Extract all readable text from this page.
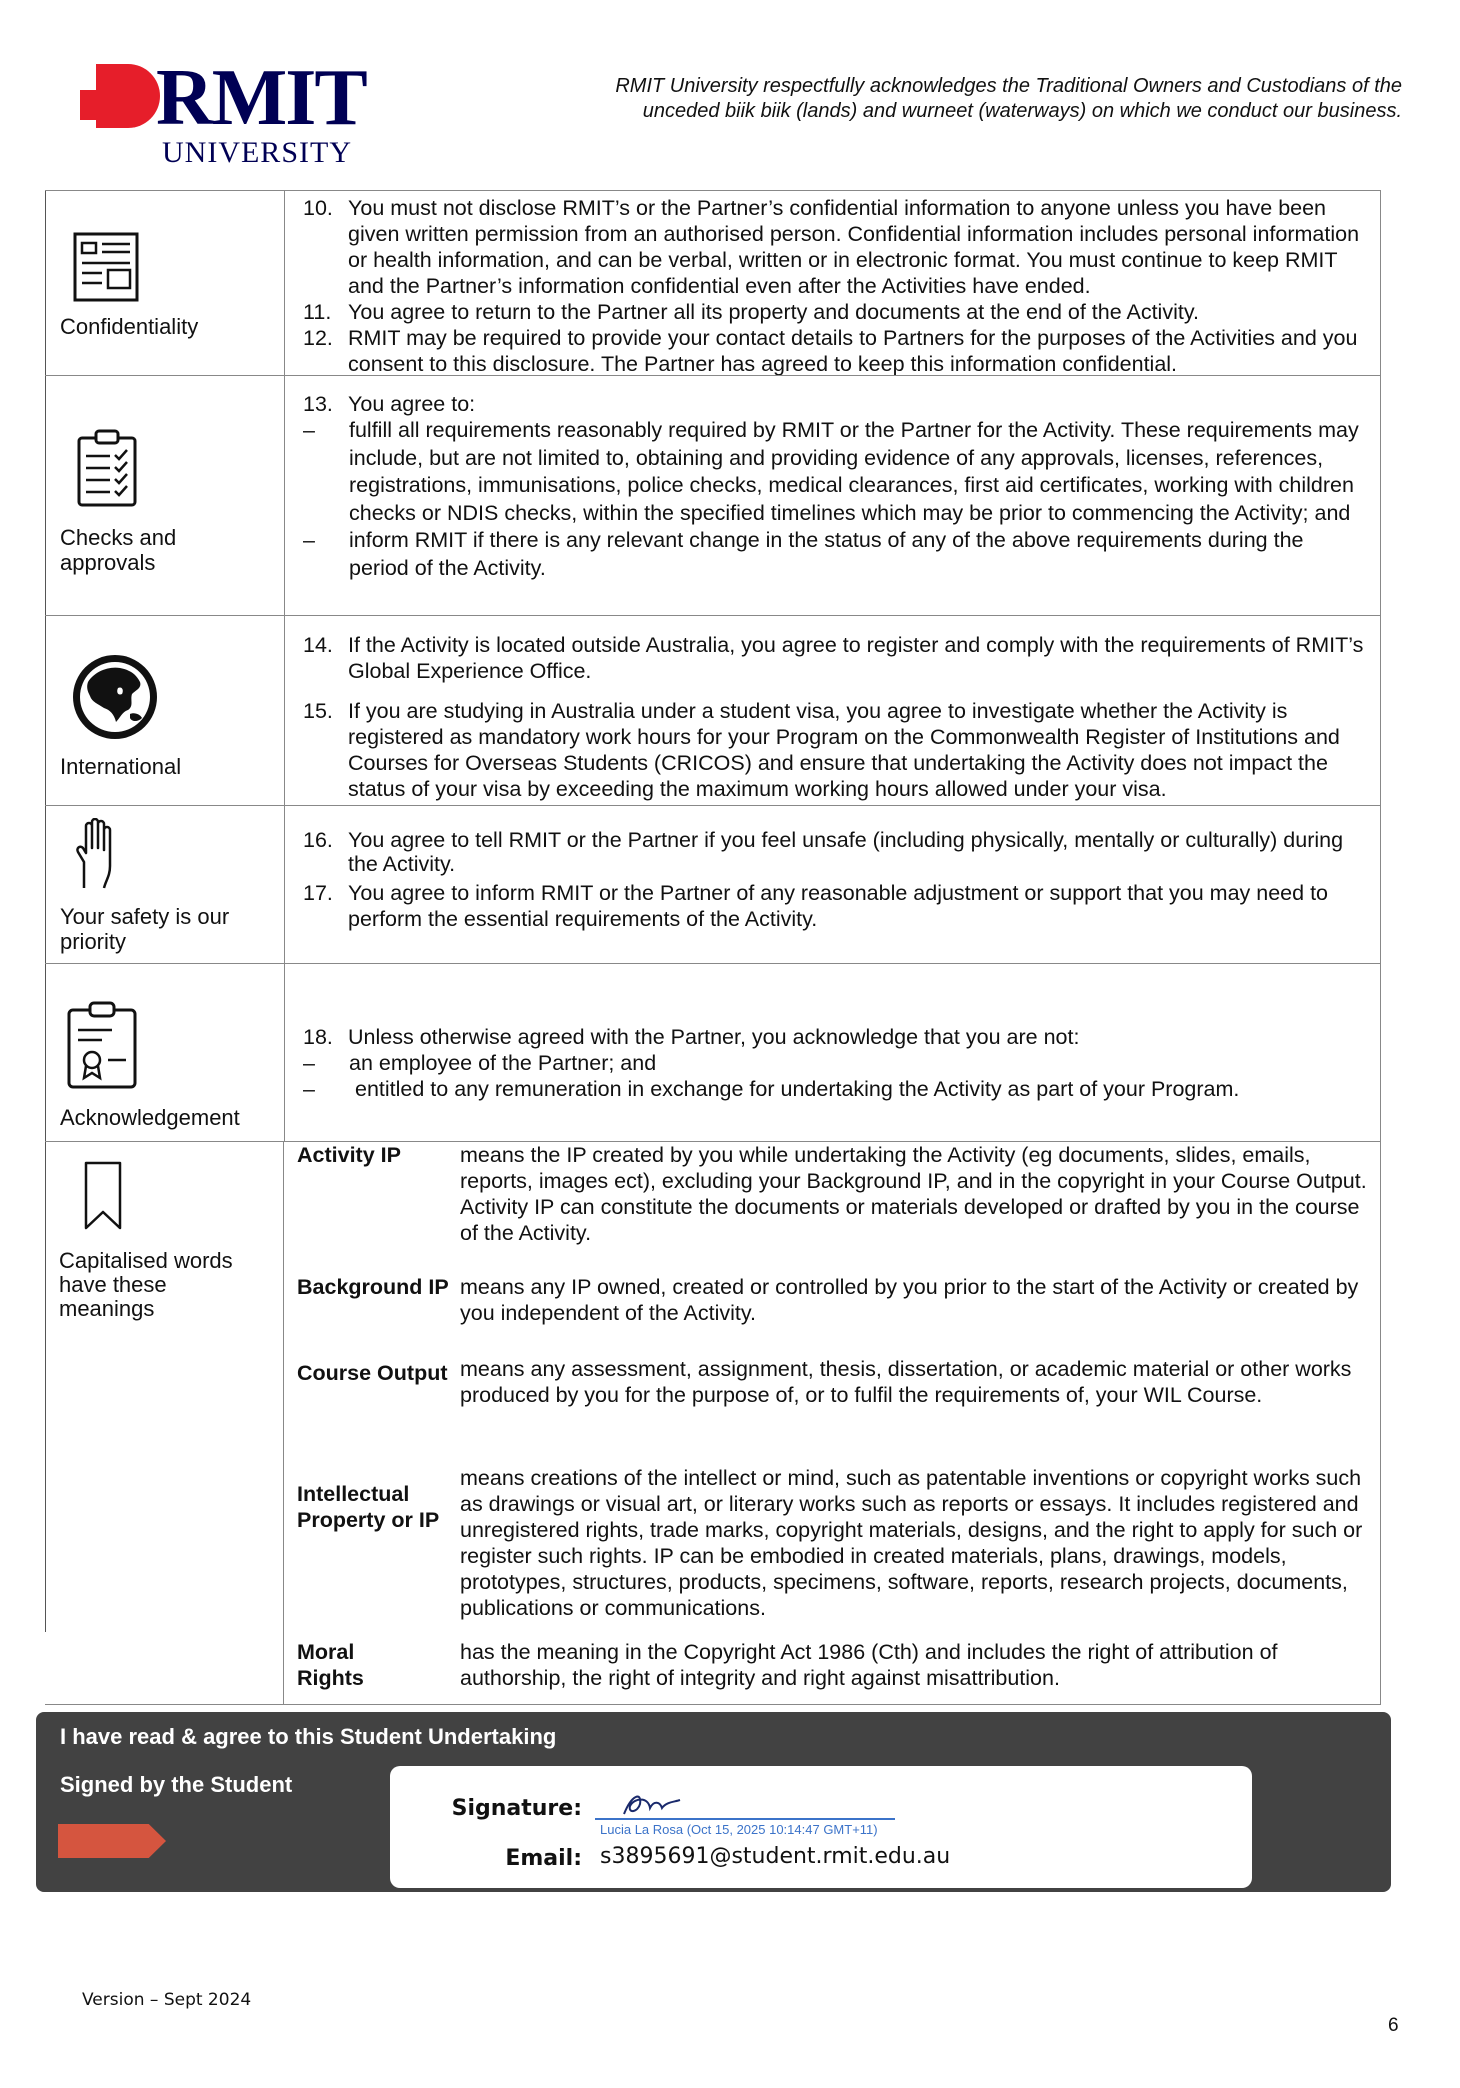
RMIT
UNIVERSITY
RMIT University respectfully acknowledges the Traditional Owners and Custodians of the
unceded biik biik (lands) and wurneet (waterways) on which we conduct our business.
Confidentiality

10. You must not disclose RMIT’s or the Partner’s confidential information to anyone unless you have been given written permission from an authorised person. Confidential information includes personal information or health information, and can be verbal, written or in electronic format. You must continue to keep RMIT and the Partner’s information confidential even after the Activities have ended.

11. You agree to return to the Partner all its property and documents at the end of the Activity.

12. RMIT may be required to provide your contact details to Partners for the purposes of the Activities and you consent to this disclosure. The Partner has agreed to keep this information confidential.

Checks and
approvals

13. You agree to:

– fulfill all requirements reasonably required by RMIT or the Partner for the Activity. These requirements may include, but are not limited to, obtaining and providing evidence of any approvals, licenses, references, registrations, immunisations, police checks, medical clearances, first aid certificates, working with children checks or NDIS checks, within the specified timelines which may be prior to commencing the Activity; and

– inform RMIT if there is any relevant change in the status of any of the above requirements during the period of the Activity.

International

14. If the Activity is located outside Australia, you agree to register and comply with the requirements of RMIT’s Global Experience Office.

15. If you are studying in Australia under a student visa, you agree to investigate whether the Activity is registered as mandatory work hours for your Program on the Commonwealth Register of Institutions and Courses for Overseas Students (CRICOS) and ensure that undertaking the Activity does not impact the status of your visa by exceeding the maximum working hours allowed under your visa.

Your safety is our
priority

16. You agree to tell RMIT or the Partner if you feel unsafe (including physically, mentally or culturally) during the Activity.

17. You agree to inform RMIT or the Partner of any reasonable adjustment or support that you may need to perform the essential requirements of the Activity.

Acknowledgement

18. Unless otherwise agreed with the Partner, you acknowledge that you are not:

– an employee of the Partner; and

– entitled to any remuneration in exchange for undertaking the Activity as part of your Program.

Capitalised words
have these
meanings
Activity IP	means the IP created by you while undertaking the Activity (eg documents, slides, emails, reports, images ect), excluding your Background IP, and in the copyright in your Course Output. Activity IP can constitute the documents or materials developed or drafted by you in the course of the Activity.
Background IP means any IP owned, created or controlled by you prior to the start of the Activity or created by you independent of the Activity.
Course Output means any assessment, assignment, thesis, dissertation, or academic material or other works produced by you for the purpose of, or to fulfil the requirements of, your WIL Course.
Intellectual Property or IP
means creations of the intellect or mind, such as patentable inventions or copyright works such as drawings or visual art, or literary works such as reports or essays. It includes registered and unregistered rights, trade marks, copyright materials, designs, and the right to apply for such or register such rights. IP can be embodied in created materials, plans, drawings, models, prototypes, structures, products, specimens, software, reports, research projects, documents, publications or communications.
Moral Rights
has the meaning in the Copyright Act 1986 (Cth) and includes the right of attribution of authorship, the right of integrity and right against misattribution.
I have read & agree to this Student Undertaking
Signed by the Student
Signature:
Lucia La Rosa (Oct 15, 2025 10:14:47 GMT+11)
Email: s3895691@student.rmit.edu.au
Version – Sept 2024
6
